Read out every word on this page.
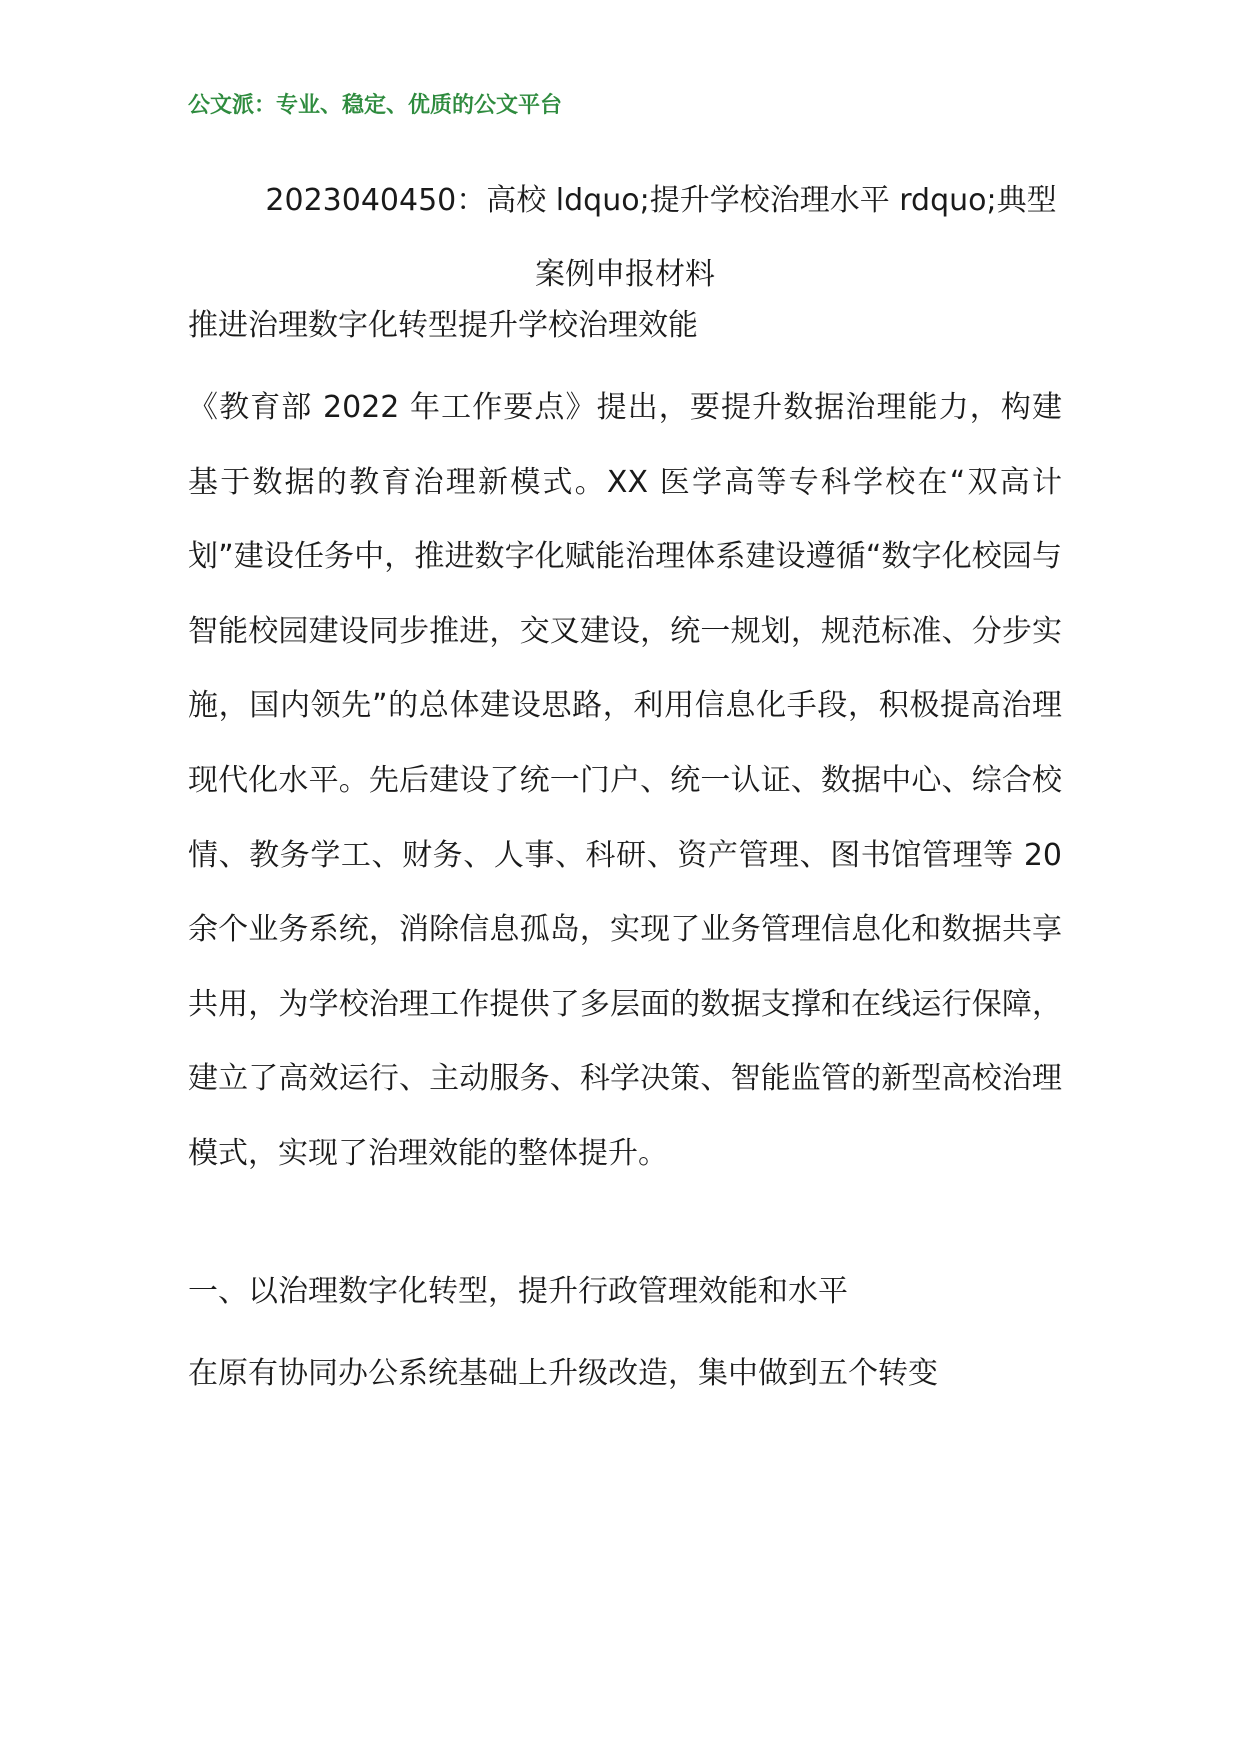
公文派：专业、稳定、优质的公文平台
2023040450：高校 ldquo;提升学校治理水平 rdquo;典型案例申报材料
推进治理数字化转型提升学校治理效能
《教育部 2022 年工作要点》提出，要提升数据治理能力，构建基于数据的教育治理新模式。XX 医学高等专科学校在“双高计划”建设任务中，推进数字化赋能治理体系建设遵循“数字化校园与智能校园建设同步推进，交叉建设，统一规划，规范标准、分步实施，国内领先”的总体建设思路，利用信息化手段，积极提高治理现代化水平。先后建设了统一门户、统一认证、数据中心、综合校情、教务学工、财务、人事、科研、资产管理、图书馆管理等 20 余个业务系统，消除信息孤岛，实现了业务管理信息化和数据共享共用，为学校治理工作提供了多层面的数据支撑和在线运行保障，建立了高效运行、主动服务、科学决策、智能监管的新型高校治理模式，实现了治理效能的整体提升。
一、以治理数字化转型，提升行政管理效能和水平
在原有协同办公系统基础上升级改造，集中做到五个转变
